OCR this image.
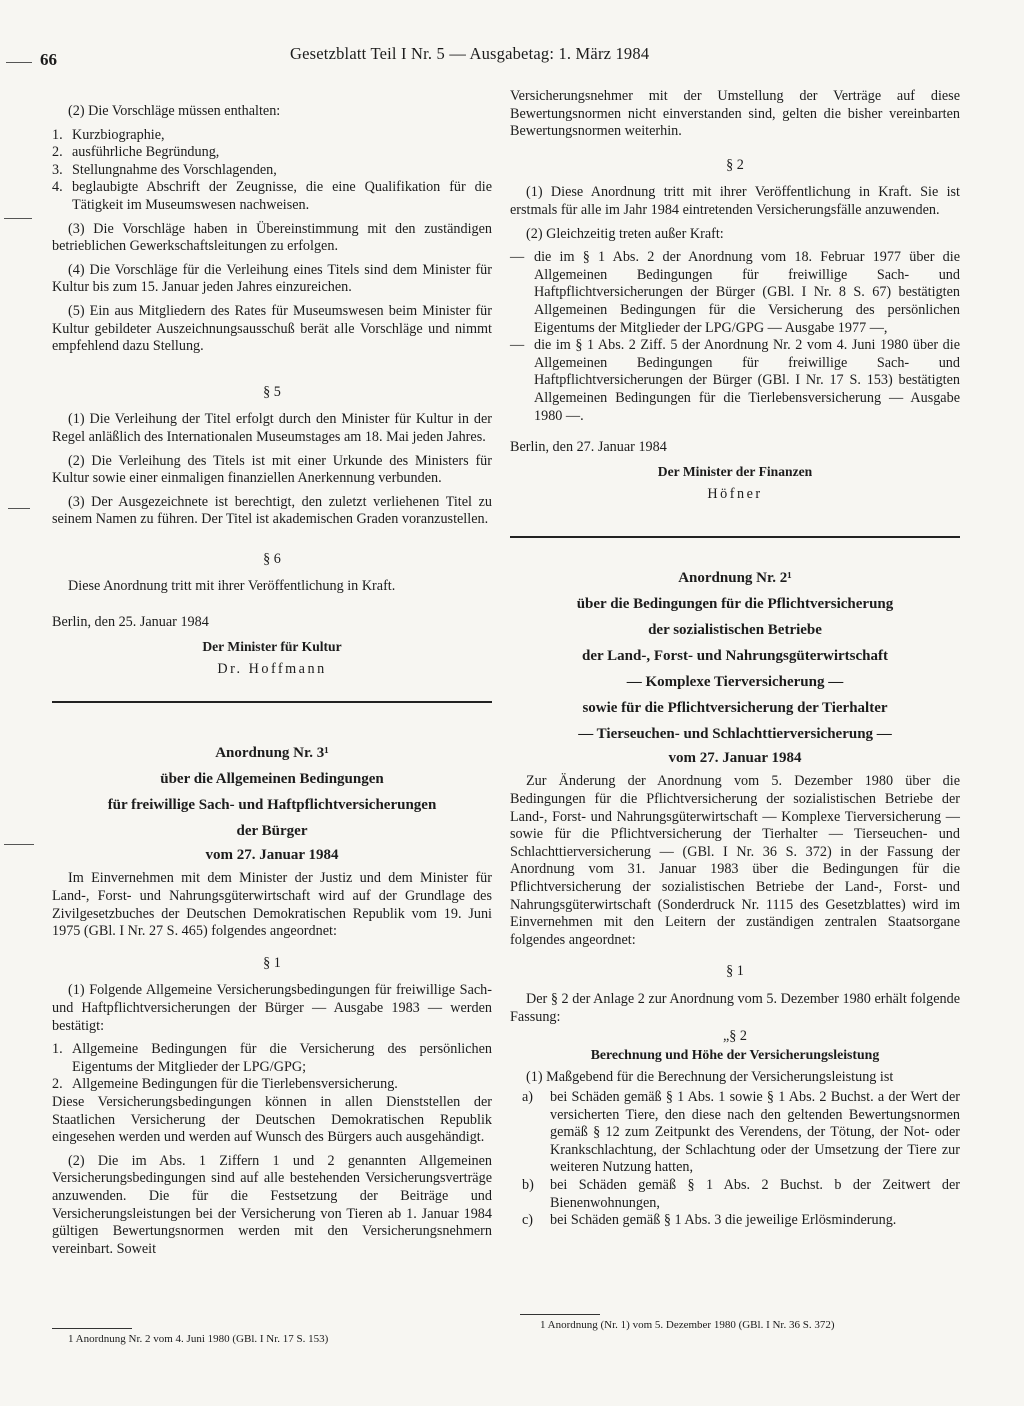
66	Gesetzblatt Teil I Nr. 5 — Ausgabetag: 1. März 1984

(2) Die Vorschläge müssen enthalten:

1. Kurzbiographie,
2. ausführliche Begründung,
3. Stellungnahme des Vorschlagenden,
4. beglaubigte Abschrift der Zeugnisse, die eine Qualifikation für die Tätigkeit im Museumswesen nachweisen.

(3) Die Vorschläge haben in Übereinstimmung mit den zuständigen betrieblichen Gewerkschaftsleitungen zu erfolgen.

(4) Die Vorschläge für die Verleihung eines Titels sind dem Minister für Kultur bis zum 15. Januar jeden Jahres einzureichen.

(5) Ein aus Mitgliedern des Rates für Museumswesen beim Minister für Kultur gebildeter Auszeichnungsausschuß berät alle Vorschläge und nimmt empfehlend dazu Stellung.

§ 5

(1) Die Verleihung der Titel erfolgt durch den Minister für Kultur in der Regel anläßlich des Internationalen Museumstages am 18. Mai jeden Jahres.

(2) Die Verleihung des Titels ist mit einer Urkunde des Ministers für Kultur sowie einer einmaligen finanziellen Anerkennung verbunden.

(3) Der Ausgezeichnete ist berechtigt, den zuletzt verliehenen Titel zu seinem Namen zu führen. Der Titel ist akademischen Graden voranzustellen.

§ 6

Diese Anordnung tritt mit ihrer Veröffentlichung in Kraft.

Berlin, den 25. Januar 1984

Der Minister für Kultur

Dr. Hoffmann

Anordnung Nr. 3¹

über die Allgemeinen Bedingungen

für freiwillige Sach- und Haftpflichtversicherungen

der Bürger

vom 27. Januar 1984

Im Einvernehmen mit dem Minister der Justiz und dem Minister für Land-, Forst- und Nahrungsgüterwirtschaft wird auf der Grundlage des Zivilgesetzbuches der Deutschen Demokratischen Republik vom 19. Juni 1975 (GBl. I Nr. 27 S. 465) folgendes angeordnet:

§ 1

(1) Folgende Allgemeine Versicherungsbedingungen für freiwillige Sach- und Haftpflichtversicherungen der Bürger — Ausgabe 1983 — werden bestätigt:

1. Allgemeine Bedingungen für die Versicherung des persönlichen Eigentums der Mitglieder der LPG/GPG;
2. Allgemeine Bedingungen für die Tierlebensversicherung.

Diese Versicherungsbedingungen können in allen Dienststellen der Staatlichen Versicherung der Deutschen Demokratischen Republik eingesehen werden und werden auf Wunsch des Bürgers auch ausgehändigt.

(2) Die im Abs. 1 Ziffern 1 und 2 genannten Allgemeinen Versicherungsbedingungen sind auf alle bestehenden Versicherungsverträge anzuwenden. Die für die Festsetzung der Beiträge und Versicherungsleistungen bei der Versicherung von Tieren ab 1. Januar 1984 gültigen Bewertungsnormen werden mit den Versicherungsnehmern vereinbart. Soweit

1 Anordnung Nr. 2 vom 4. Juni 1980 (GBl. I Nr. 17 S. 153)

Versicherungsnehmer mit der Umstellung der Verträge auf diese Bewertungsnormen nicht einverstanden sind, gelten die bisher vereinbarten Bewertungsnormen weiterhin.

§ 2

(1) Diese Anordnung tritt mit ihrer Veröffentlichung in Kraft. Sie ist erstmals für alle im Jahr 1984 eintretenden Versicherungsfälle anzuwenden.

(2) Gleichzeitig treten außer Kraft:

— die im § 1 Abs. 2 der Anordnung vom 18. Februar 1977 über die Allgemeinen Bedingungen für freiwillige Sach- und Haftpflichtversicherungen der Bürger (GBl. I Nr. 8 S. 67) bestätigten Allgemeinen Bedingungen für die Versicherung des persönlichen Eigentums der Mitglieder der LPG/GPG — Ausgabe 1977 —,
— die im § 1 Abs. 2 Ziff. 5 der Anordnung Nr. 2 vom 4. Juni 1980 über die Allgemeinen Bedingungen für freiwillige Sach- und Haftpflichtversicherungen der Bürger (GBl. I Nr. 17 S. 153) bestätigten Allgemeinen Bedingungen für die Tierlebensversicherung — Ausgabe 1980 —.

Berlin, den 27. Januar 1984

Der Minister der Finanzen

Höfner

Anordnung Nr. 2¹

über die Bedingungen für die Pflichtversicherung

der sozialistischen Betriebe

der Land-, Forst- und Nahrungsgüterwirtschaft

— Komplexe Tierversicherung —

sowie für die Pflichtversicherung der Tierhalter

— Tierseuchen- und Schlachttierversicherung —

vom 27. Januar 1984

Zur Änderung der Anordnung vom 5. Dezember 1980 über die Bedingungen für die Pflichtversicherung der sozialistischen Betriebe der Land-, Forst- und Nahrungsgüterwirtschaft — Komplexe Tierversicherung — sowie für die Pflichtversicherung der Tierhalter — Tierseuchen- und Schlachttierversicherung — (GBl. I Nr. 36 S. 372) in der Fassung der Anordnung vom 31. Januar 1983 über die Bedingungen für die Pflichtversicherung der sozialistischen Betriebe der Land-, Forst- und Nahrungsgüterwirtschaft (Sonderdruck Nr. 1115 des Gesetzblattes) wird im Einvernehmen mit den Leitern der zuständigen zentralen Staatsorgane folgendes angeordnet:

§ 1

Der § 2 der Anlage 2 zur Anordnung vom 5. Dezember 1980 erhält folgende Fassung:

„§ 2

Berechnung und Höhe der Versicherungsleistung

(1) Maßgebend für die Berechnung der Versicherungsleistung ist

a)	bei Schäden gemäß § 1 Abs. 1 sowie § 1 Abs. 2 Buchst. a der Wert der versicherten Tiere, den diese nach den geltenden Bewertungsnormen gemäß § 12 zum Zeitpunkt des Verendens, der Tötung, der Not- oder Krankschlachtung, der Schlachtung oder der Umsetzung der Tiere zur weiteren Nutzung hatten,
b)	bei Schäden gemäß § 1 Abs. 2 Buchst. b der Zeitwert der Bienenwohnungen,
c)	bei Schäden gemäß § 1 Abs. 3 die jeweilige Erlösminderung.
1 Anordnung (Nr. 1) vom 5. Dezember 1980 (GBl. I Nr. 36 S. 372)
